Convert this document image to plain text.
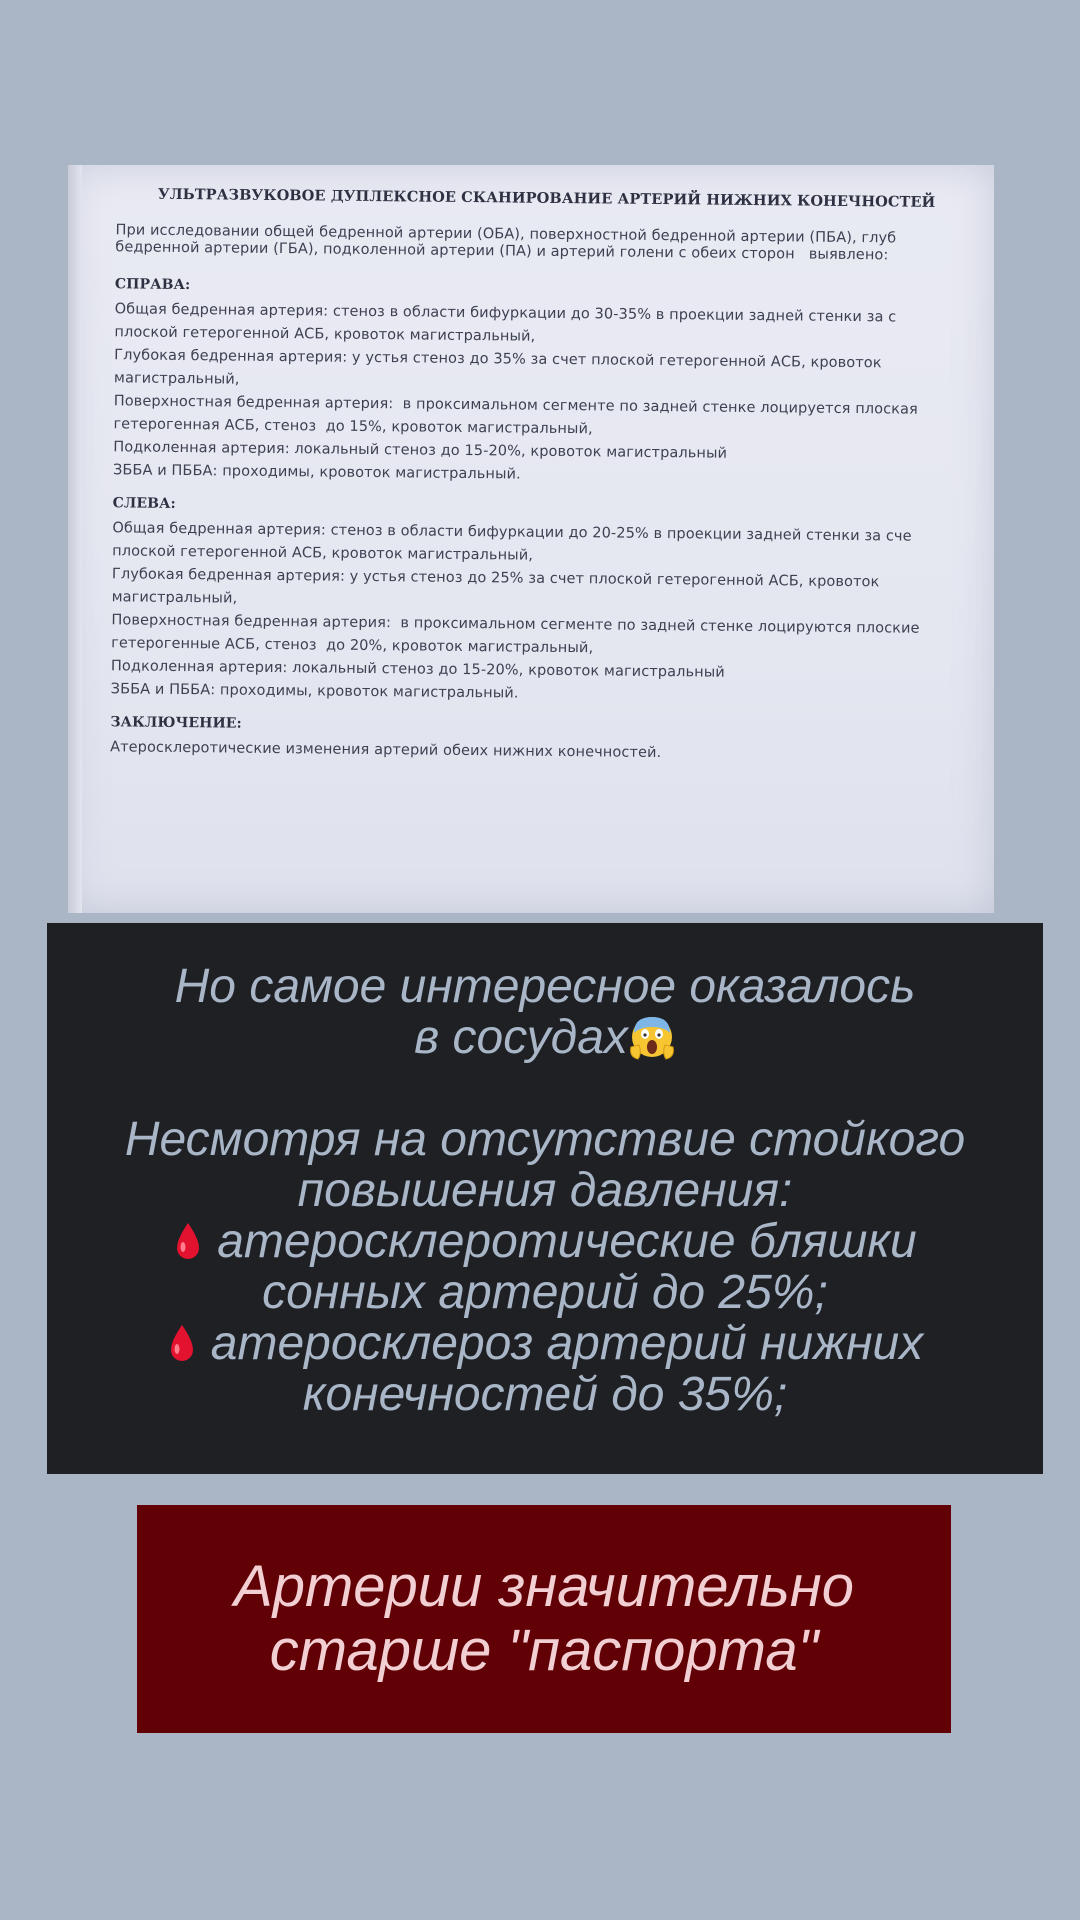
УЛЬТРАЗВУКОВОЕ ДУПЛЕКСНОЕ СКАНИРОВАНИЕ АРТЕРИЙ НИЖНИХ КОНЕЧНОСТЕЙ
При исследовании общей бедренной артерии (ОБА), поверхностной бедренной артерии (ПБА), глуб
бедренной артерии (ГБА), подколенной артерии (ПА) и артерий голени с обеих сторон   выявлено:
СПРАВА:
Общая бедренная артерия: стеноз в области бифуркации до 30-35% в проекции задней стенки за с
плоской гетерогенной АСБ, кровоток магистральный,
Глубокая бедренная артерия: у устья стеноз до 35% за счет плоской гетерогенной АСБ, кровоток
магистральный,
Поверхностная бедренная артерия:  в проксимальном сегменте по задней стенке лоцируется плоская
гетерогенная АСБ, стеноз  до 15%, кровоток магистральный,
Подколенная артерия: локальный стеноз до 15-20%, кровоток магистральный
ЗББА и ПББА: проходимы, кровоток магистральный.
СЛЕВА:
Общая бедренная артерия: стеноз в области бифуркации до 20-25% в проекции задней стенки за сче
плоской гетерогенной АСБ, кровоток магистральный,
Глубокая бедренная артерия: у устья стеноз до 25% за счет плоской гетерогенной АСБ, кровоток
магистральный,
Поверхностная бедренная артерия:  в проксимальном сегменте по задней стенке лоцируются плоские
гетерогенные АСБ, стеноз  до 20%, кровоток магистральный,
Подколенная артерия: локальный стеноз до 15-20%, кровоток магистральный
ЗББА и ПББА: проходимы, кровоток магистральный.
ЗАКЛЮЧЕНИЕ:
Атеросклеротические изменения артерий обеих нижних конечностей.
Но самое интересное оказалось
в сосудах
Несмотря на отсутствие стойкого
повышения давления:
атеросклеротические бляшки
сонных артерий до 25%;
атеросклероз артерий нижних
конечностей до 35%;
Артерии значительно
старше "паспорта"
